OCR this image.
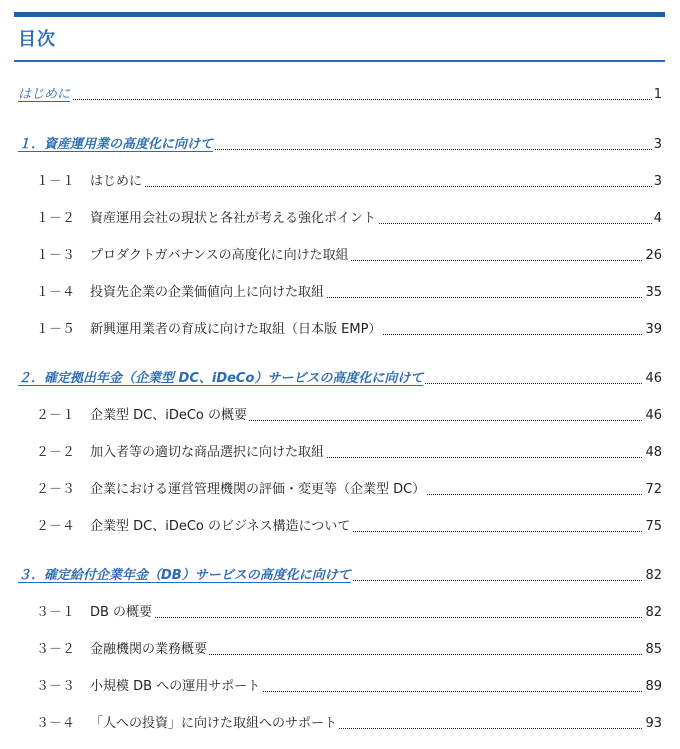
目次
はじめに	1
１．資産運用業の高度化に向けて	3
１－１ はじめに	3
１－２ 資産運用会社の現状と各社が考える強化ポイント	4
１－３ プロダクトガバナンスの高度化に向けた取組	26
１－４ 投資先企業の企業価値向上に向けた取組	35
１－５ 新興運用業者の育成に向けた取組（日本版 EMP）	39
２．確定拠出年金（企業型 DC、iDeCo）サービスの高度化に向けて	46
２－１ 企業型 DC、iDeCo の概要	46
２－２ 加入者等の適切な商品選択に向けた取組	48
２－３ 企業における運営管理機関の評価・変更等（企業型 DC）	72
２－４ 企業型 DC、iDeCo のビジネス構造について	75
３．確定給付企業年金（DB）サービスの高度化に向けて	82
３－１ DB の概要	82
３－２ 金融機関の業務概要	85
３－３ 小規模 DB への運用サポート	89
３－４ 「人への投資」に向けた取組へのサポート	93
